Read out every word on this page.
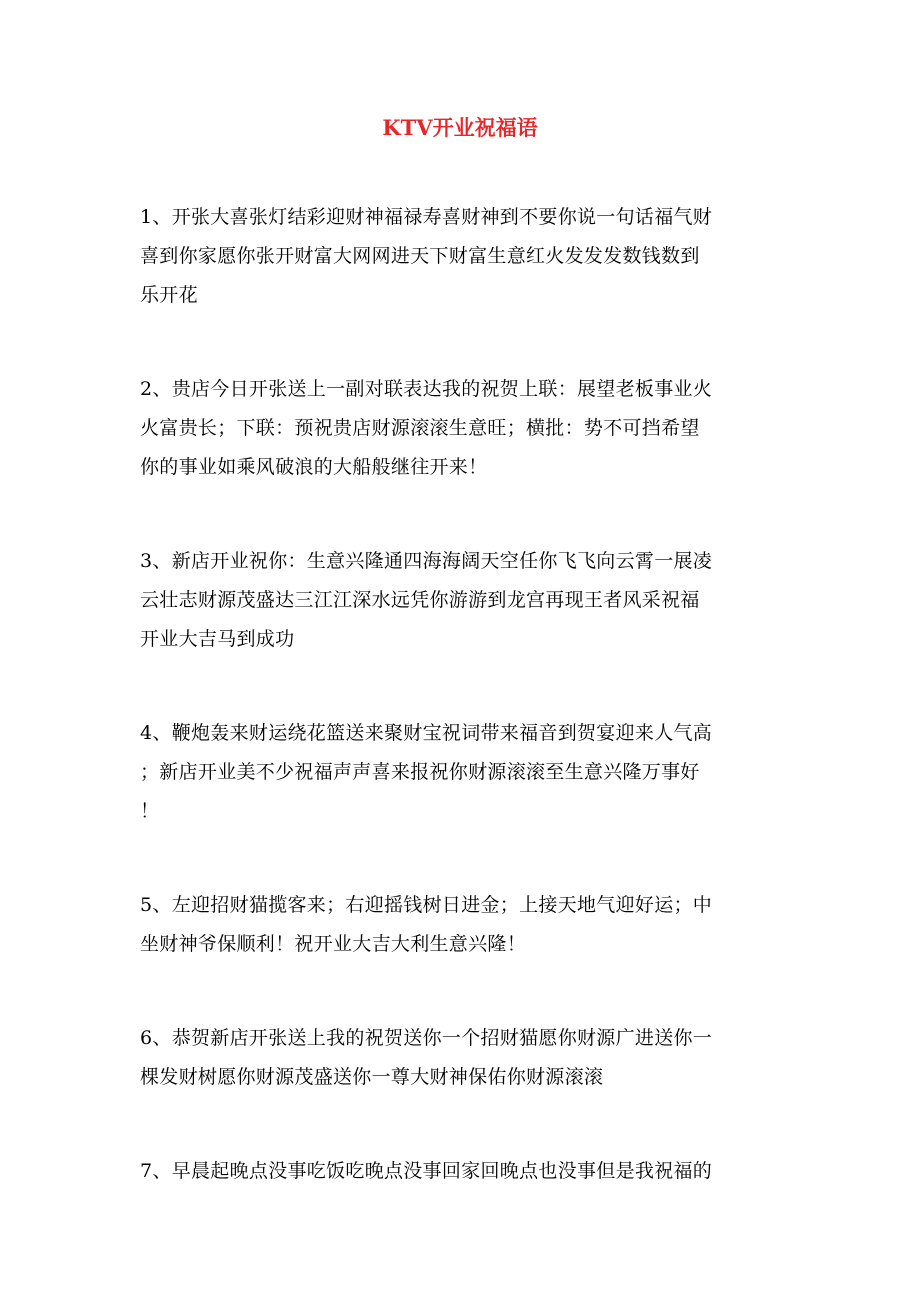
KTV开业祝福语

1、开张大喜张灯结彩迎财神福禄寿喜财神到不要你说一句话福气财
喜到你家愿你张开财富大网网进天下财富生意红火发发发数钱数到
乐开花

2、贵店今日开张送上一副对联表达我的祝贺上联：展望老板事业火
火富贵长；下联：预祝贵店财源滚滚生意旺；横批：势不可挡希望
你的事业如乘风破浪的大船般继往开来！

3、新店开业祝你：生意兴隆通四海海阔天空任你飞飞向云霄一展凌
云壮志财源茂盛达三江江深水远凭你游游到龙宫再现王者风采祝福
开业大吉马到成功

4、鞭炮轰来财运绕花篮送来聚财宝祝词带来福音到贺宴迎来人气高
；新店开业美不少祝福声声喜来报祝你财源滚滚至生意兴隆万事好
！

5、左迎招财猫揽客来；右迎摇钱树日进金；上接天地气迎好运；中
坐财神爷保顺利！祝开业大吉大利生意兴隆！

6、恭贺新店开张送上我的祝贺送你一个招财猫愿你财源广进送你一
棵发财树愿你财源茂盛送你一尊大财神保佑你财源滚滚

7、早晨起晚点没事吃饭吃晚点没事回家回晚点也没事但是我祝福的
